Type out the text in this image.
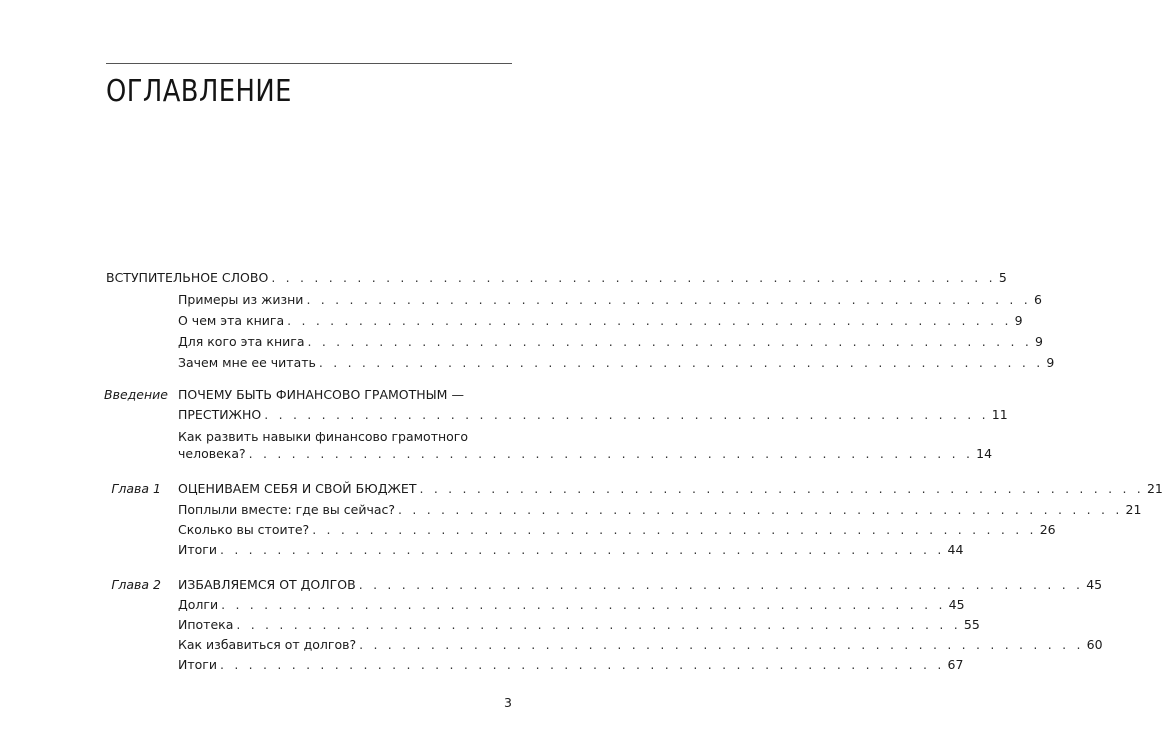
ОГЛАВЛЕНИЕ
ВСТУПИТЕЛЬНОЕ СЛОВО . . . . . . . . . . . . . . . . . . . . . . . . . . . . . . . . . . . . . . . . . . . . . . . . . . . 5
Примеры из жизни . . . . . . . . . . . . . . . . . . . . . . . . . . . . . . . . . . . . . . . . . . . . . . . . . . . 6
О чем эта книга . . . . . . . . . . . . . . . . . . . . . . . . . . . . . . . . . . . . . . . . . . . . . . . . . . . 9
Для кого эта книга . . . . . . . . . . . . . . . . . . . . . . . . . . . . . . . . . . . . . . . . . . . . . . . . . . . 9
Зачем мне ее читать . . . . . . . . . . . . . . . . . . . . . . . . . . . . . . . . . . . . . . . . . . . . . . . . . . . 9
Введение ПОЧЕМУ БЫТЬ ФИНАНСОВО ГРАМОТНЫМ —
ПРЕСТИЖНО . . . . . . . . . . . . . . . . . . . . . . . . . . . . . . . . . . . . . . . . . . . . . . . . . . . 11
Как развить навыки финансово грамотного
человека? . . . . . . . . . . . . . . . . . . . . . . . . . . . . . . . . . . . . . . . . . . . . . . . . . . . 14
Глава 1 ОЦЕНИВАЕМ СЕБЯ И СВОЙ БЮДЖЕТ . . . . . . . . . . . . . . . . . . . . . . . . . . . . . . . . . . . . . . . . . . . . . . . . . . . 21
Поплыли вместе: где вы сейчас? . . . . . . . . . . . . . . . . . . . . . . . . . . . . . . . . . . . . . . . . . . . . . . . . . . . 21
Сколько вы стоите? . . . . . . . . . . . . . . . . . . . . . . . . . . . . . . . . . . . . . . . . . . . . . . . . . . . 26
Итоги . . . . . . . . . . . . . . . . . . . . . . . . . . . . . . . . . . . . . . . . . . . . . . . . . . . 44
Глава 2 ИЗБАВЛЯЕМСЯ ОТ ДОЛГОВ . . . . . . . . . . . . . . . . . . . . . . . . . . . . . . . . . . . . . . . . . . . . . . . . . . . 45
Долги . . . . . . . . . . . . . . . . . . . . . . . . . . . . . . . . . . . . . . . . . . . . . . . . . . . 45
Ипотека . . . . . . . . . . . . . . . . . . . . . . . . . . . . . . . . . . . . . . . . . . . . . . . . . . . 55
Как избавиться от долгов? . . . . . . . . . . . . . . . . . . . . . . . . . . . . . . . . . . . . . . . . . . . . . . . . . . . 60
Итоги . . . . . . . . . . . . . . . . . . . . . . . . . . . . . . . . . . . . . . . . . . . . . . . . . . . 67
3
